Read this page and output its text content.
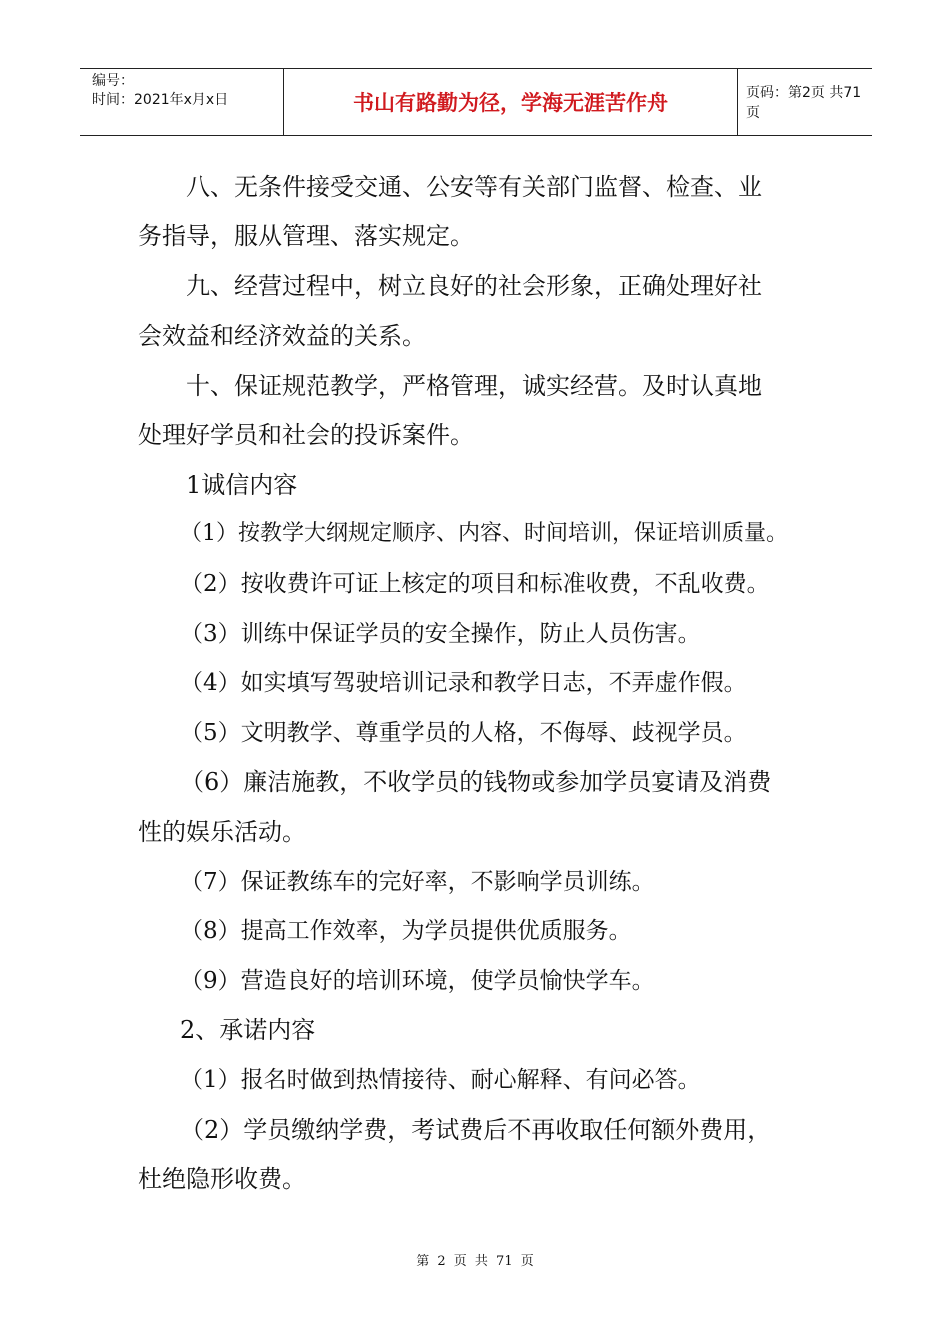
编号：
时间：2021年x月x日	书山有路勤为径，学海无涯苦作舟	页码：第2页 共71页
八、无条件接受交通、公安等有关部门监督、检查、业
务指导，服从管理、落实规定。
九、经营过程中，树立良好的社会形象，正确处理好社
会效益和经济效益的关系。
十、保证规范教学，严格管理，诚实经营。及时认真地
处理好学员和社会的投诉案件。
1诚信内容
（1）按教学大纲规定顺序、内容、时间培训，保证培训质量。
（2）按收费许可证上核定的项目和标准收费，不乱收费。
（3）训练中保证学员的安全操作，防止人员伤害。
（4）如实填写驾驶培训记录和教学日志，不弄虚作假。
（5）文明教学、尊重学员的人格，不侮辱、歧视学员。
（6）廉洁施教，不收学员的钱物或参加学员宴请及消费
性的娱乐活动。
（7）保证教练车的完好率，不影响学员训练。
（8）提高工作效率，为学员提供优质服务。
（9）营造良好的培训环境，使学员愉快学车。
2、承诺内容
（1）报名时做到热情接待、耐心解释、有问必答。
（2）学员缴纳学费，考试费后不再收取任何额外费用，
杜绝隐形收费。
第 2 页 共 71 页
